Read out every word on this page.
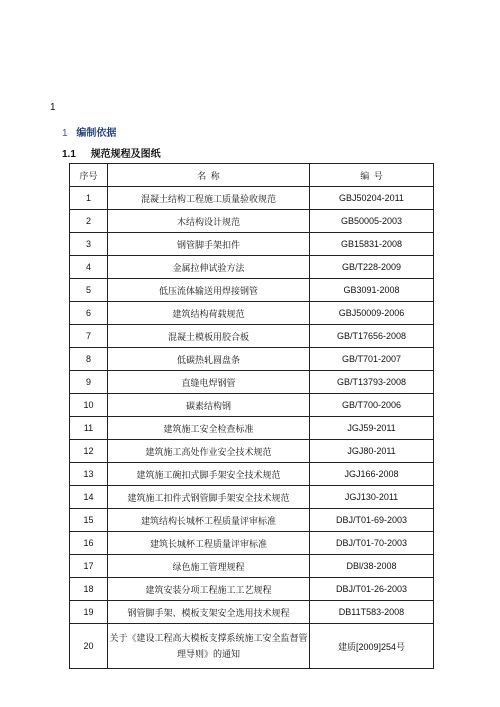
1
1 编制依据
1.1 规范规程及图纸
序号	名  称	编  号
1	混凝土结构工程施工质量验收规范	GBJ50204-2011
2	木结构设计规范	GB50005-2003
3	钢管脚手架扣件	GB15831-2008
4	金属拉伸试验方法	GB/T228-2009
5	低压流体输送用焊接钢管	GB3091-2008
6	建筑结构荷载规范	GBJ50009-2006
7	混凝土模板用胶合板	GB/T17656-2008
8	低碳热轧圆盘条	GB/T701-2007
9	直缝电焊钢管	GB/T13793-2008
10	碳素结构钢	GB/T700-2006
11	建筑施工安全检查标准	JGJ59-2011
12	建筑施工高处作业安全技术规范	JGJ80-2011
13	建筑施工碗扣式脚手架安全技术规范	JGJ166-2008
14	建筑施工扣件式钢管脚手架安全技术规范	JGJ130-2011
15	建筑结构长城杯工程质量评审标准	DBJ/T01-69-2003
16	建筑长城杯工程质量评审标准	DBJ/T01-70-2003
17	绿色施工管理规程	DBl/38-2008
18	建筑安装分项工程施工工艺规程	DBJ/T01-26-2003
19	钢管脚手架、模板支架安全选用技术规程	DB11T583-2008
20	关于《建设工程高大模板支撑系统施工安全监督管理导则》的通知	建质[2009]254号
